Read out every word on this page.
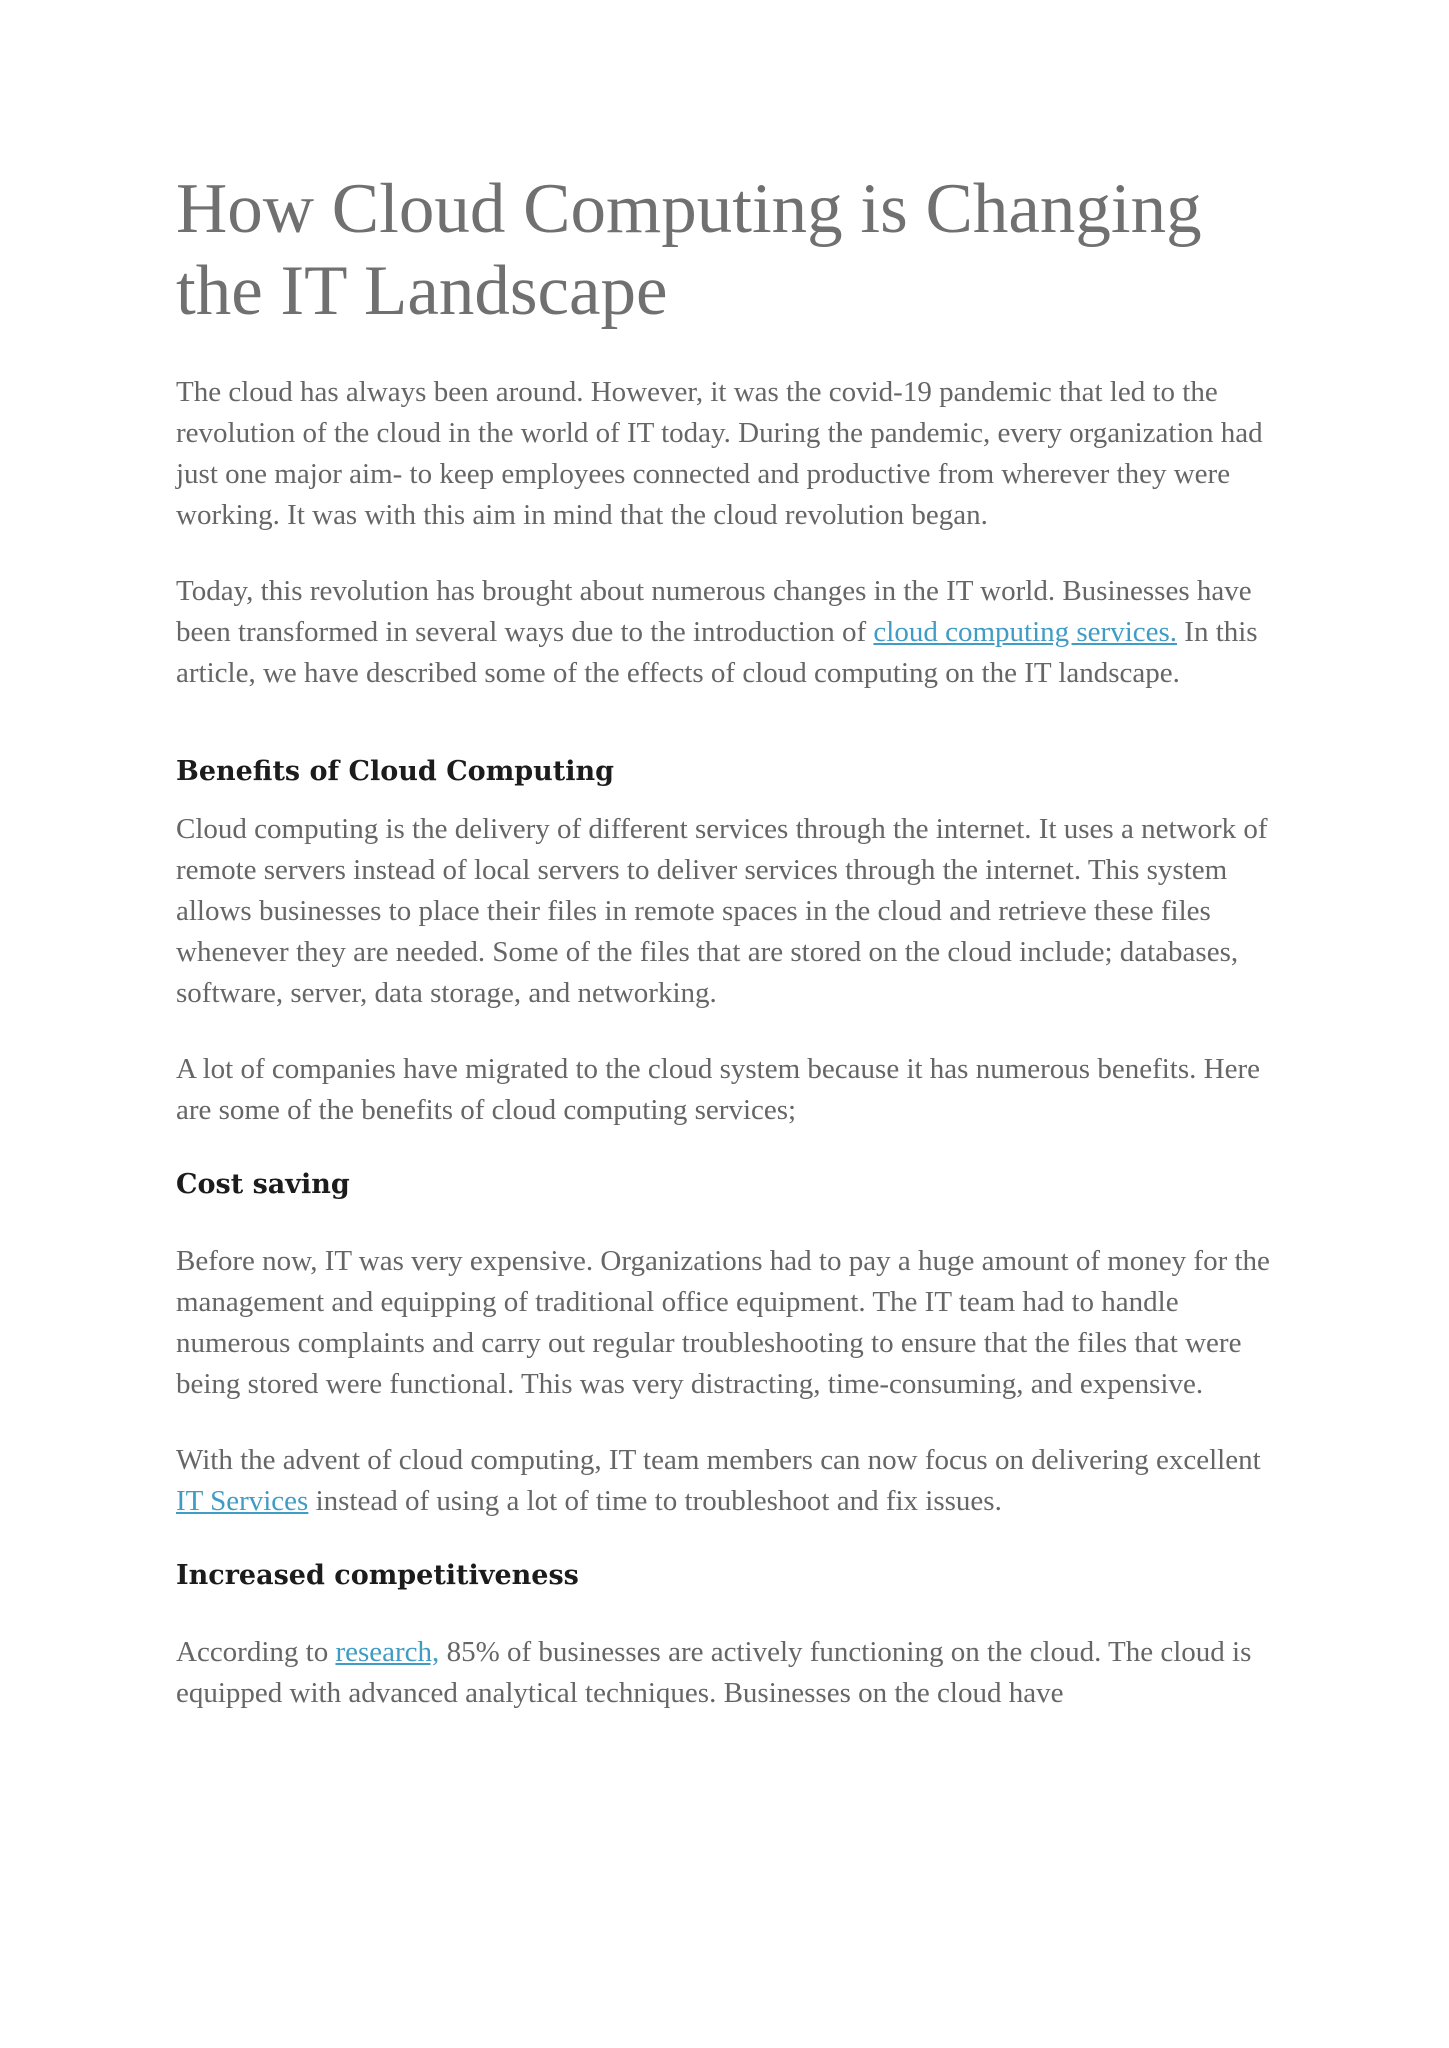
How Cloud Computing is Changing the IT Landscape

The cloud has always been around. However, it was the covid-19 pandemic that led to the revolution of the cloud in the world of IT today. During the pandemic, every organization had just one major aim- to keep employees connected and productive from wherever they were working. It was with this aim in mind that the cloud revolution began.

Today, this revolution has brought about numerous changes in the IT world. Businesses have been transformed in several ways due to the introduction of cloud computing services. In this article, we have described some of the effects of cloud computing on the IT landscape.

Benefits of Cloud Computing

Cloud computing is the delivery of different services through the internet. It uses a network of remote servers instead of local servers to deliver services through the internet. This system allows businesses to place their files in remote spaces in the cloud and retrieve these files whenever they are needed. Some of the files that are stored on the cloud include; databases, software, server, data storage, and networking.

A lot of companies have migrated to the cloud system because it has numerous benefits. Here are some of the benefits of cloud computing services;

Cost saving

Before now, IT was very expensive. Organizations had to pay a huge amount of money for the management and equipping of traditional office equipment. The IT team had to handle numerous complaints and carry out regular troubleshooting to ensure that the files that were being stored were functional. This was very distracting, time-consuming, and expensive.

With the advent of cloud computing, IT team members can now focus on delivering excellent IT Services instead of using a lot of time to troubleshoot and fix issues.

Increased competitiveness

According to research, 85% of businesses are actively functioning on the cloud. The cloud is equipped with advanced analytical techniques. Businesses on the cloud have
